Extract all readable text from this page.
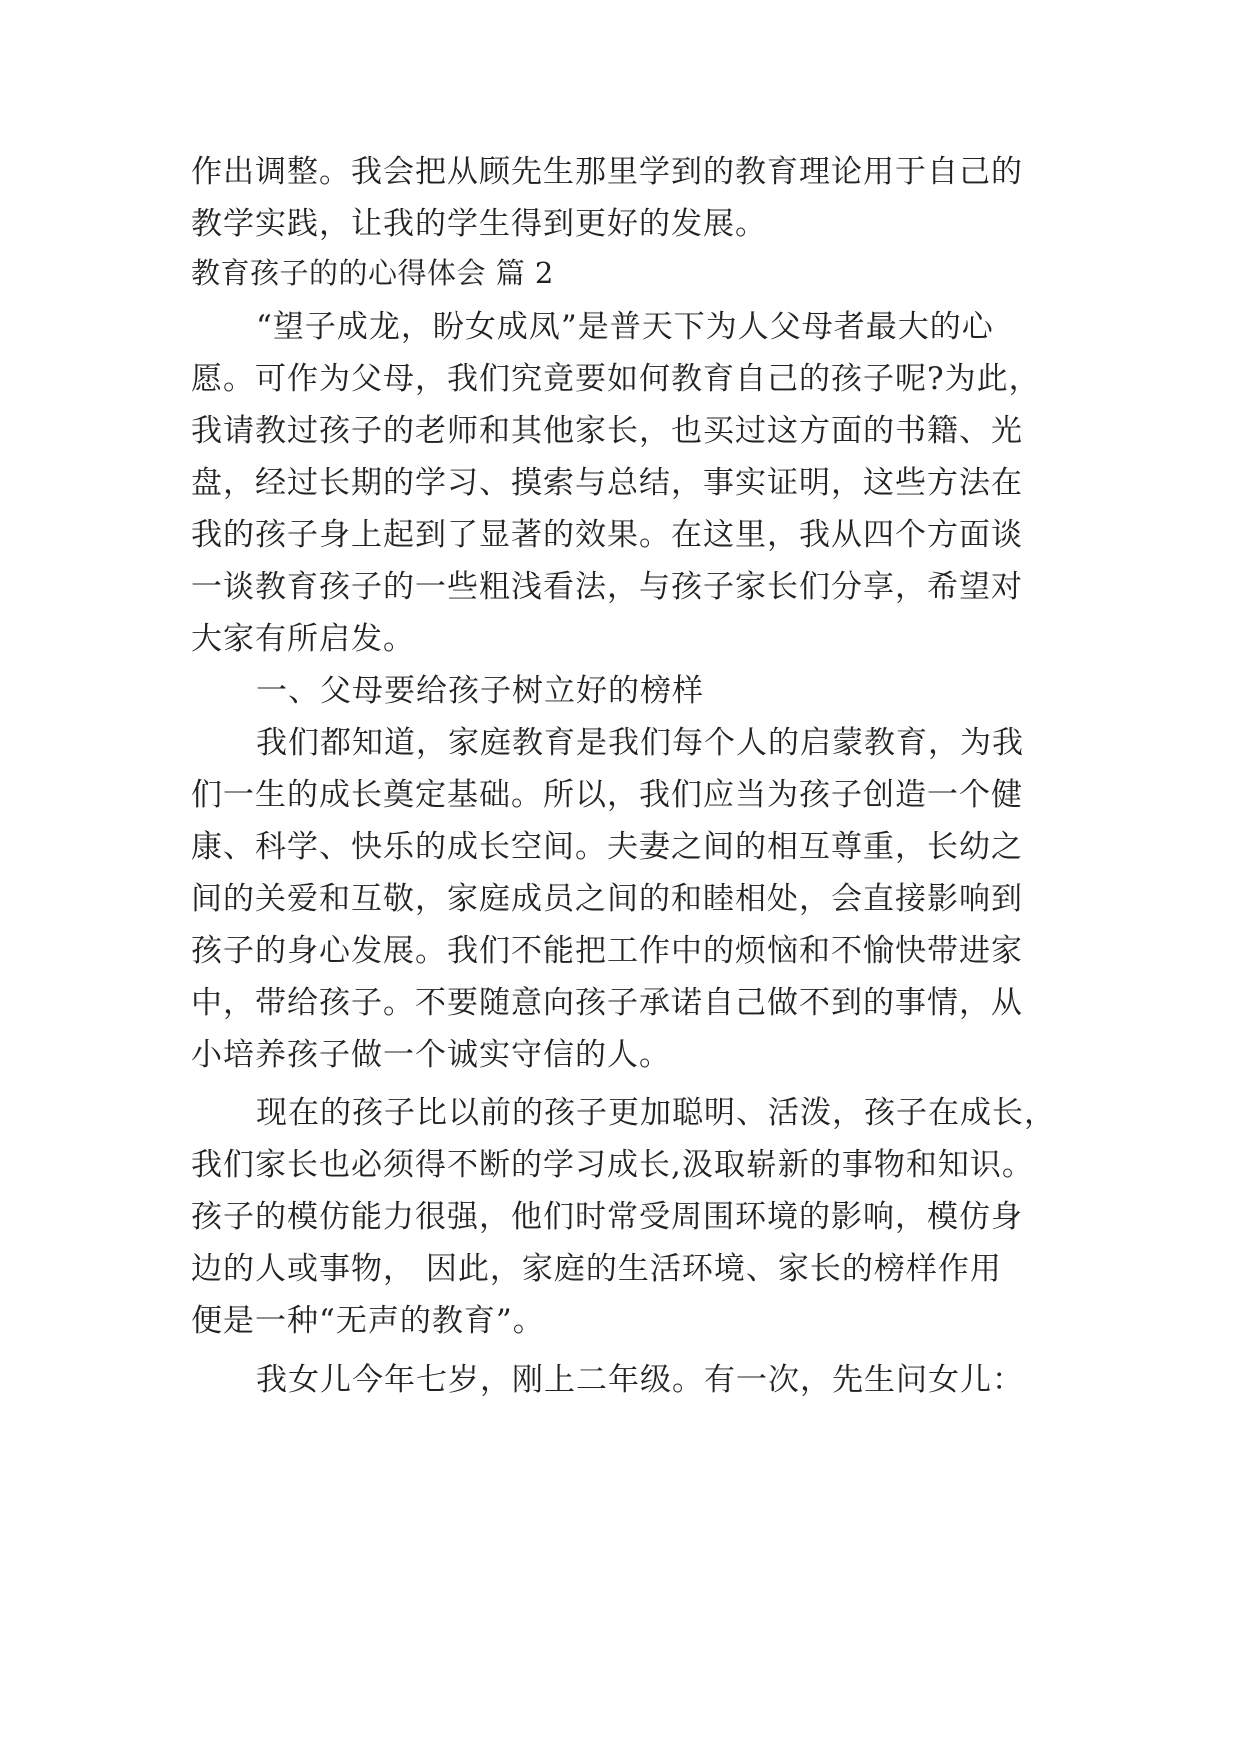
作出调整。我会把从顾先生那里学到的教育理论用于自己的
教学实践，让我的学生得到更好的发展。
教育孩子的的心得体会 篇 2
“望子成龙，盼女成凤”是普天下为人父母者最大的心
愿。可作为父母，我们究竟要如何教育自己的孩子呢?为此，
我请教过孩子的老师和其他家长，也买过这方面的书籍、光
盘，经过长期的学习、摸索与总结，事实证明，这些方法在
我的孩子身上起到了显著的效果。在这里，我从四个方面谈
一谈教育孩子的一些粗浅看法，与孩子家长们分享，希望对
大家有所启发。
一、父母要给孩子树立好的榜样
我们都知道，家庭教育是我们每个人的启蒙教育，为我
们一生的成长奠定基础。所以，我们应当为孩子创造一个健
康、科学、快乐的成长空间。夫妻之间的相互尊重，长幼之
间的关爱和互敬，家庭成员之间的和睦相处，会直接影响到
孩子的身心发展。我们不能把工作中的烦恼和不愉快带进家
中，带给孩子。不要随意向孩子承诺自己做不到的事情，从
小培养孩子做一个诚实守信的人。
现在的孩子比以前的孩子更加聪明、活泼，孩子在成长，
我们家长也必须得不断的学习成长,汲取崭新的事物和知识。
孩子的模仿能力很强，他们时常受周围环境的影响，模仿身
边的人或事物， 因此，家庭的生活环境、家长的榜样作用
便是一种“无声的教育”。
我女儿今年七岁，刚上二年级。有一次，先生问女儿：
